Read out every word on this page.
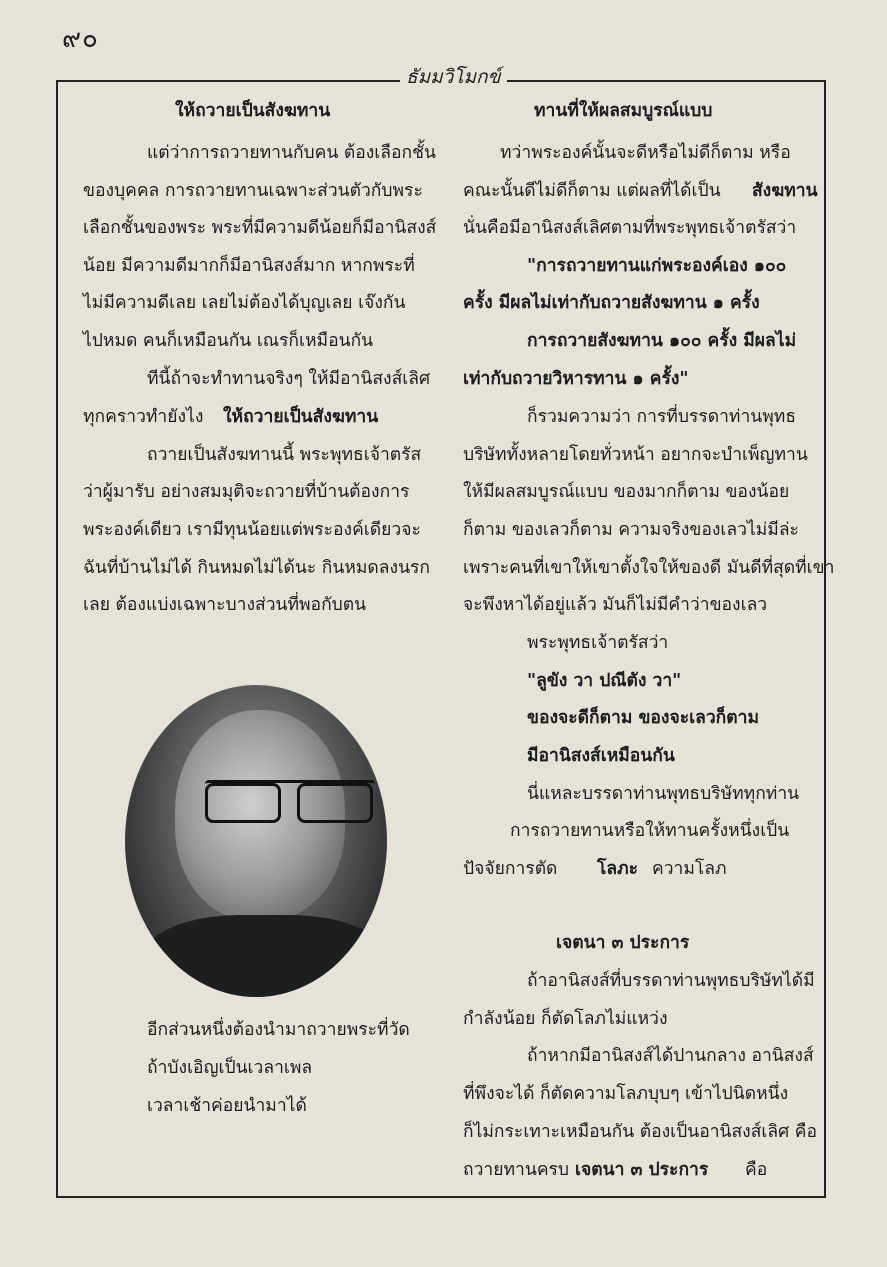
๙๐
ธัมมวิโมกข์
ให้ถวายเป็นสังฆทาน
แต่ว่าการถวายทานกับคน ต้องเลือกชั้น
ของบุคคล การถวายทานเฉพาะส่วนตัวกับพระ
เลือกชั้นของพระ พระที่มีความดีน้อยก็มีอานิสงส์
น้อย มีความดีมากก็มีอานิสงส์มาก หากพระที่
ไม่มีความดีเลย เลยไม่ต้องได้บุญเลย เจ๊งกัน
ไปหมด คนก็เหมือนกัน เณรก็เหมือนกัน
ทีนี้ถ้าจะทำทานจริงๆ ให้มีอานิสงส์เลิศ
ทุกคราวทำยังไง ให้ถวายเป็นสังฆทาน
ถวายเป็นสังฆทานนี้ พระพุทธเจ้าตรัส
ว่าผู้มารับ อย่างสมมุติจะถวายที่บ้านต้องการ
พระองค์เดียว เรามีทุนน้อยแต่พระองค์เดียวจะ
ฉันที่บ้านไม่ได้ กินหมดไม่ได้นะ กินหมดลงนรก
เลย ต้องแบ่งเฉพาะบางส่วนที่พอกับตน
อีกส่วนหนึ่งต้องนำมาถวายพระที่วัด
ถ้าบังเอิญเป็นเวลาเพล
เวลาเช้าค่อยนำมาได้
ทานที่ให้ผลสมบูรณ์แบบ
ทว่าพระองค์นั้นจะดีหรือไม่ดีก็ตาม หรือ
คณะนั้นดีไม่ดีก็ตาม แต่ผลที่ได้เป็น สังฆทาน
นั่นคือมีอานิสงส์เลิศตามที่พระพุทธเจ้าตรัสว่า
"การถวายทานแก่พระองค์เอง ๑๐๐
ครั้ง มีผลไม่เท่ากับถวายสังฆทาน ๑ ครั้ง
การถวายสังฆทาน ๑๐๐ ครั้ง มีผลไม่
เท่ากับถวายวิหารทาน ๑ ครั้ง"
ก็รวมความว่า การที่บรรดาท่านพุทธ
บริษัททั้งหลายโดยทั่วหน้า อยากจะบำเพ็ญทาน
ให้มีผลสมบูรณ์แบบ ของมากก็ตาม ของน้อย
ก็ตาม ของเลวก็ตาม ความจริงของเลวไม่มีล่ะ
เพราะคนที่เขาให้เขาตั้งใจให้ของดี มันดีที่สุดที่เขา
จะพึงหาได้อยู่แล้ว มันก็ไม่มีคำว่าของเลว
พระพุทธเจ้าตรัสว่า
"ลูขัง วา ปณีตัง วา"
ของจะดีก็ตาม ของจะเลวก็ตาม
มีอานิสงส์เหมือนกัน
นี่แหละบรรดาท่านพุทธบริษัททุกท่าน
การถวายทานหรือให้ทานครั้งหนึ่งเป็น
ปัจจัยการตัด โลภะ ความโลภ
เจตนา ๓ ประการ
ถ้าอานิสงส์ที่บรรดาท่านพุทธบริษัทได้มี
กำลังน้อย ก็ตัดโลภไม่แหว่ง
ถ้าหากมีอานิสงส์ได้ปานกลาง อานิสงส์
ที่พึงจะได้ ก็ตัดความโลภบุบๆ เข้าไปนิดหนึ่ง
ก็ไม่กระเทาะเหมือนกัน ต้องเป็นอานิสงส์เลิศ คือ
ถวายทานครบ เจตนา ๓ ประการ คือ
